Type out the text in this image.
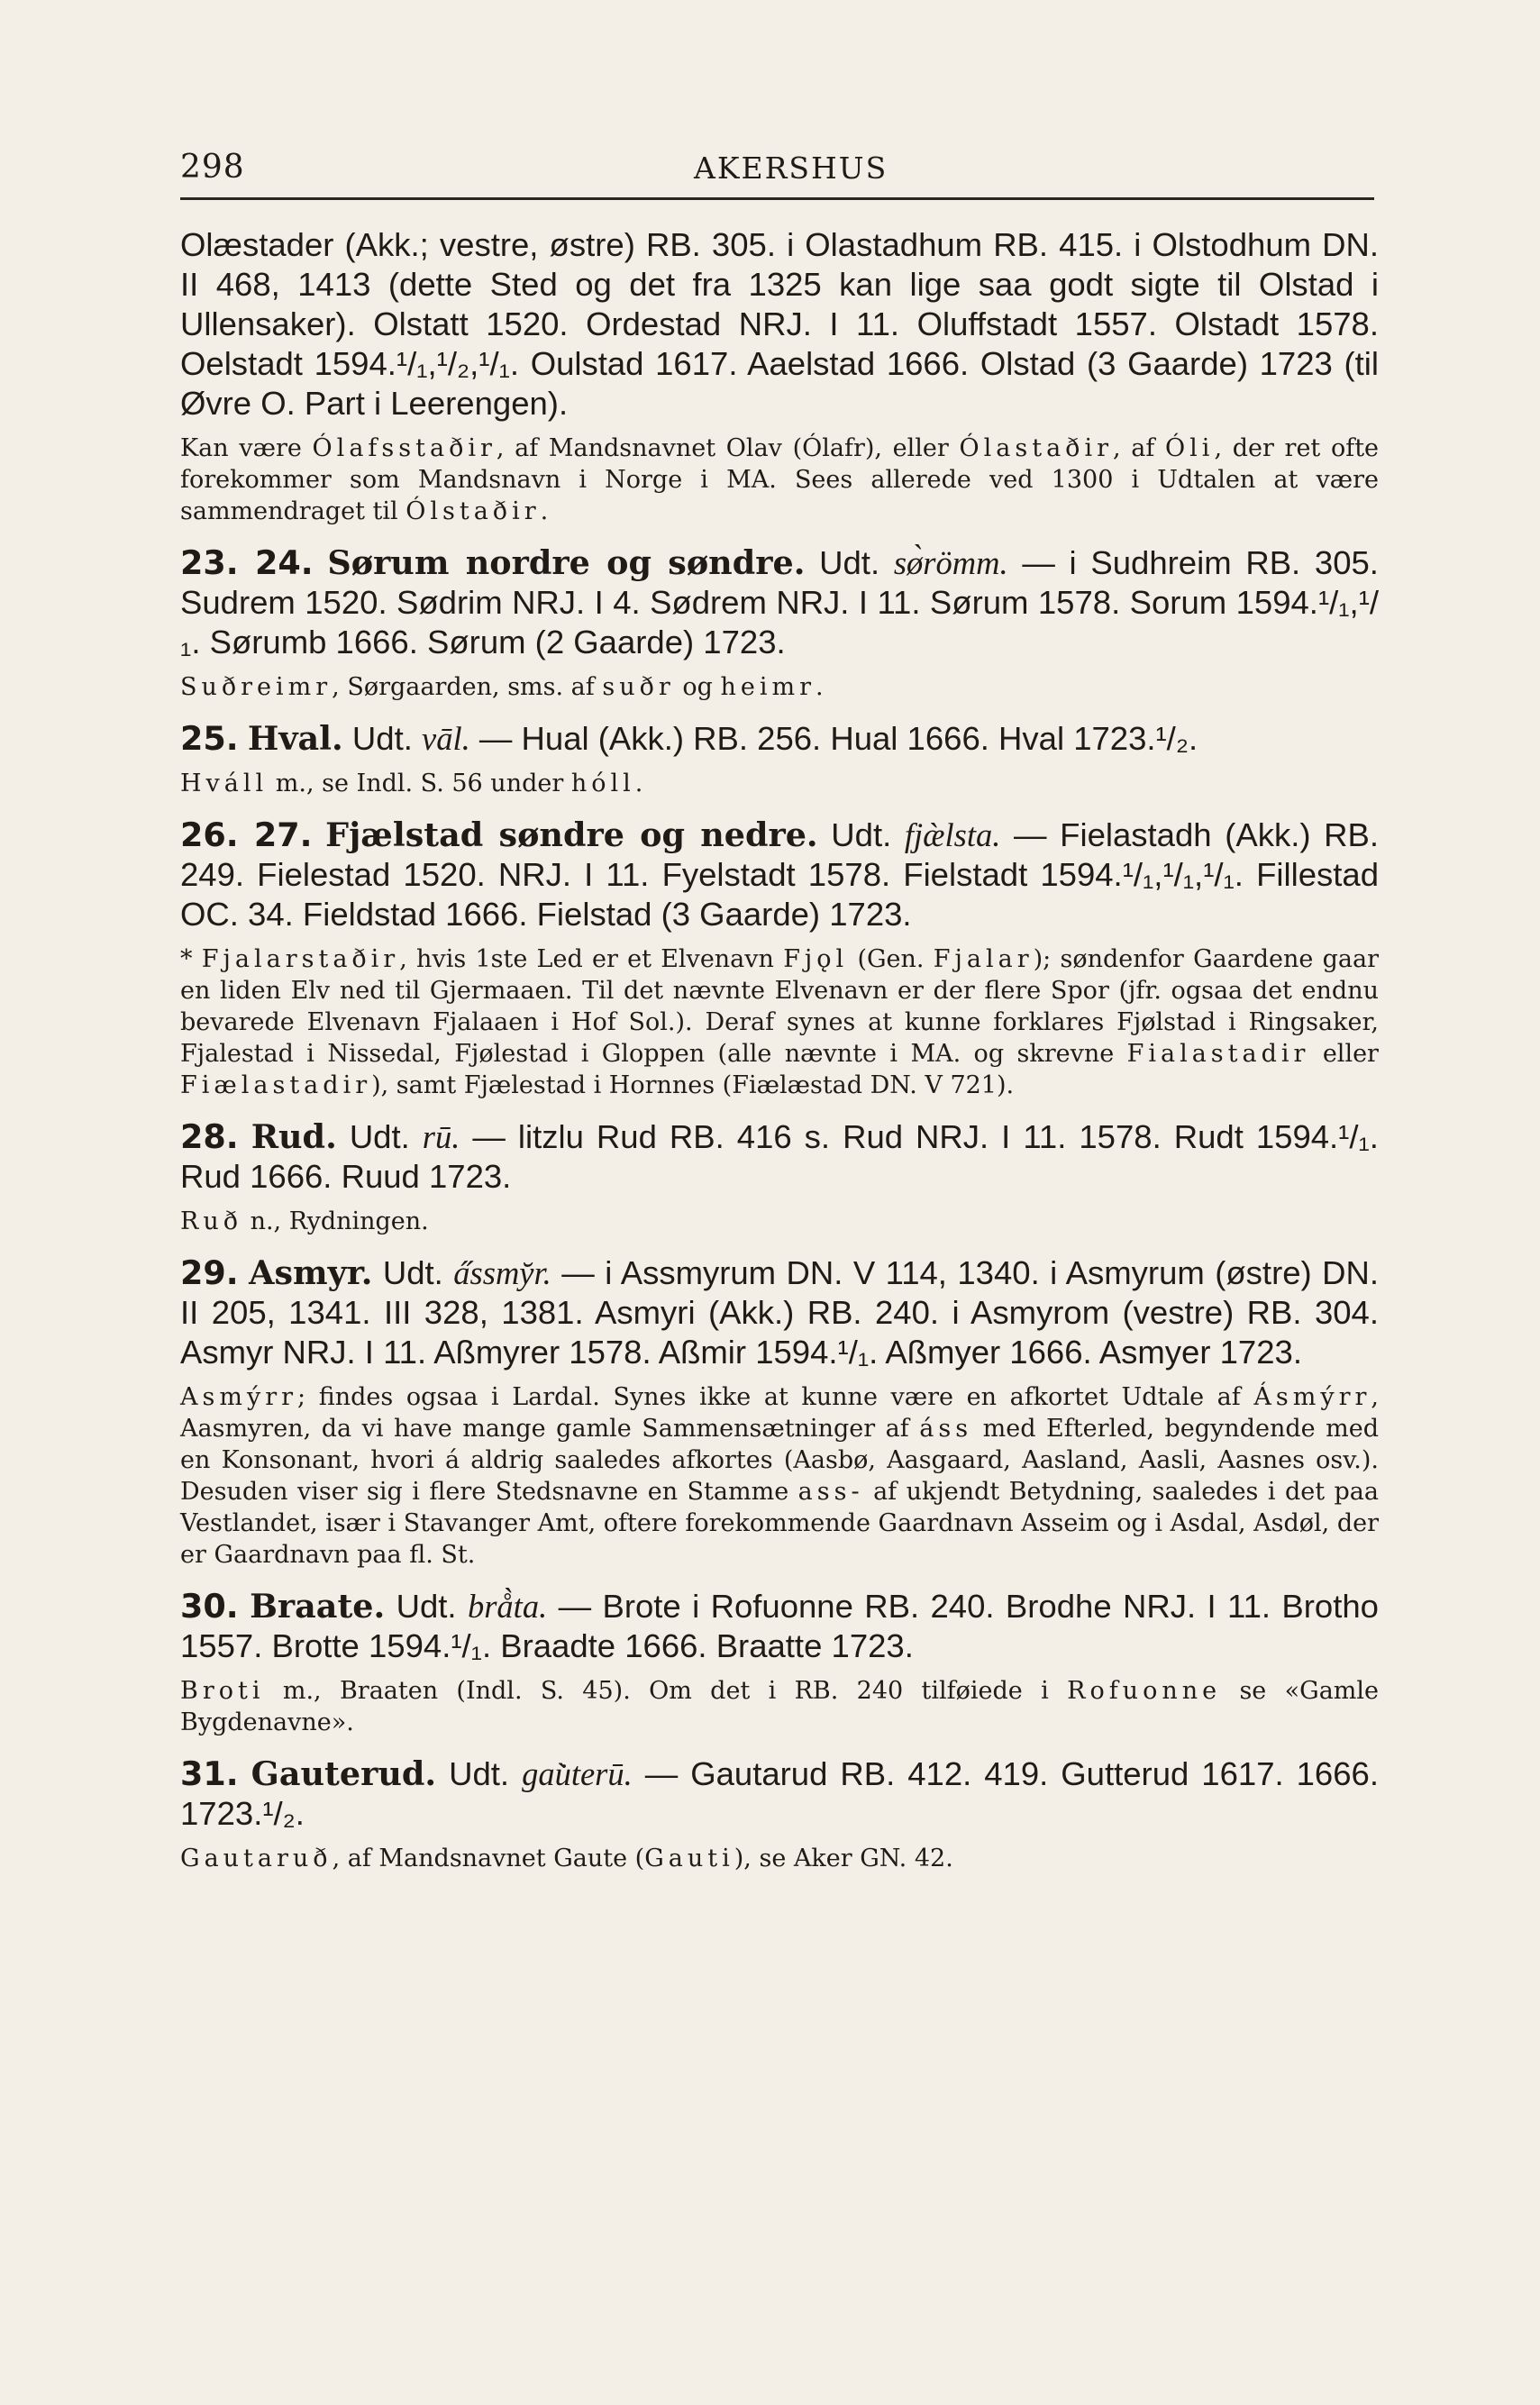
298	AKERSHUS

Olæstader (Akk.; vestre, østre) RB. 305. i Olastadhum RB. 415. i Olstodhum DN. II 468, 1413 (dette Sted og det fra 1325 kan lige saa godt sigte til Olstad i Ullensaker). Olstatt 1520. Ordestad NRJ. I 11. Oluffstadt 1557. Olstadt 1578. Oelstadt 1594.¹/₁,¹/₂,¹/₁. Oulstad 1617. Aaelstad 1666. Olstad (3 Gaarde) 1723 (til Øvre O. Part i Leerengen).

Kan være Ólafsstaðir, af Mandsnavnet Olav (Ólafr), eller Ólastaðir, af Óli, der ret ofte forekommer som Mandsnavn i Norge i MA. Sees allerede ved 1300 i Udtalen at være sammendraget til Ólstaðir.

23. 24. Sørum nordre og søndre. Udt. sø̀römm. — i Sudhreim RB. 305. Sudrem 1520. Sødrim NRJ. I 4. Sødrem NRJ. I 11. Sørum 1578. Sorum 1594.¹/₁,¹/₁. Sørumb 1666. Sørum (2 Gaarde) 1723.

Suðreimr, Sørgaarden, sms. af suðr og heimr.

25. Hval. Udt. vāl. — Hual (Akk.) RB. 256. Hual 1666. Hval 1723.¹/₂.

Hváll m., se Indl. S. 56 under hóll.

26. 27. Fjælstad søndre og nedre. Udt. fjæ̀lsta. — Fielastadh (Akk.) RB. 249. Fielestad 1520. NRJ. I 11. Fyelstadt 1578. Fielstadt 1594.¹/₁,¹/₁,¹/₁. Fillestad OC. 34. Fieldstad 1666. Fielstad (3 Gaarde) 1723.

* Fjalarstaðir, hvis 1ste Led er et Elvenavn Fjǫl (Gen. Fjalar); søndenfor Gaardene gaar en liden Elv ned til Gjermaaen. Til det nævnte Elvenavn er der flere Spor (jfr. ogsaa det endnu bevarede Elvenavn Fjalaaen i Hof Sol.). Deraf synes at kunne forklares Fjølstad i Ringsaker, Fjalestad i Nissedal, Fjølestad i Gloppen (alle nævnte i MA. og skrevne Fialastadir eller Fiælastadir), samt Fjælestad i Hornnes (Fiælæstad DN. V 721).

28. Rud. Udt. rū. — litzlu Rud RB. 416 s. Rud NRJ. I 11. 1578. Rudt 1594.¹/₁. Rud 1666. Ruud 1723.

Ruð n., Rydningen.

29. Asmyr. Udt. a̋ssmy̆r. — i Assmyrum DN. V 114, 1340. i Asmyrum (østre) DN. II 205, 1341. III 328, 1381. Asmyri (Akk.) RB. 240. i Asmyrom (vestre) RB. 304. Asmyr NRJ. I 11. Aßmyrer 1578. Aßmir 1594.¹/₁. Aßmyer 1666. Asmyer 1723.

Asmýrr; findes ogsaa i Lardal. Synes ikke at kunne være en afkortet Udtale af Ásmýrr, Aasmyren, da vi have mange gamle Sammensætninger af áss med Efterled, begyndende med en Konsonant, hvori á aldrig saaledes afkortes (Aasbø, Aasgaard, Aasland, Aasli, Aasnes osv.). Desuden viser sig i flere Stedsnavne en Stamme ass- af ukjendt Betydning, saaledes i det paa Vestlandet, især i Stavanger Amt, oftere forekommende Gaardnavn Asseim og i Asdal, Asdøl, der er Gaardnavn paa fl. St.

30. Braate. Udt. brå̀ta. — Brote i Rofuonne RB. 240. Brodhe NRJ. I 11. Brotho 1557. Brotte 1594.¹/₁. Braadte 1666. Braatte 1723.

Broti m., Braaten (Indl. S. 45). Om det i RB. 240 tilføiede i Rofuonne se «Gamle Bygdenavne».

31. Gauterud. Udt. gau̇̀terū. — Gautarud RB. 412. 419. Gutterud 1617. 1666. 1723.¹/₂.

Gautaruð, af Mandsnavnet Gaute (Gauti), se Aker GN. 42.
